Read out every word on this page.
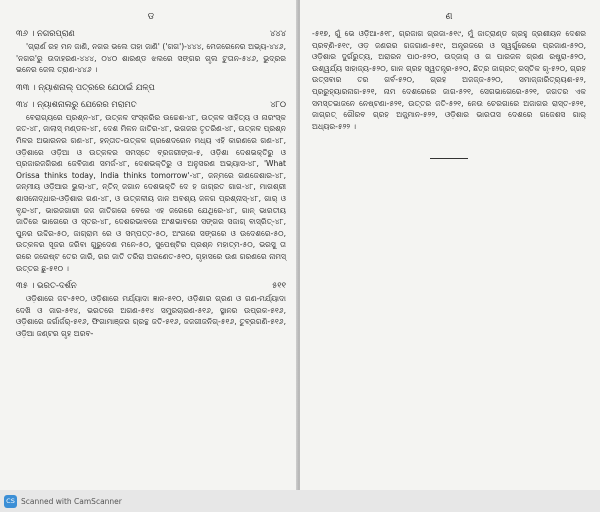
ଡ
୩୬ । ନଗରପ୍ରାଣ	୪୪୪

'ଗ୍ରାର୍ଣ ରହ ମନ ଜାଣି, ନଗର ଭଲେ ତାହା ଜାଣି' ('ଗଗ')-୪୪୪, ମେଜରେନେର ଅଭ୍ୟ-୪୪୬, 'ନଗର'ରୁ ଉଦାହରଣ-୪୪୪, ୦୪୦ ଶାରଣ୍ଡ ଝଲରେ ସଙ୍ଗର ଗୃଲ ଟୁତାନ-୫୪୬, ଭୁଦ୍ରର ଭନେର ଜେଲ ତ୍ରାଣ-୪୪୬ ।

୩୩ । ନ୍ୟାଶନାଲ୍ ପତ୍ରରେ ଯେଠାଇଁ ଯଳ୍ପ
୩୪ । ନ୍ୟାଶନାଲରୁ ଯେରେର ମରାମତ	୪୮୦

ବେରାଗ୍ୟରେ ପ୍ରଶ୍ନ-୪୮, ଉତ୍କଳ ସଂସ୍କରିର ଉଚ୍ଚେଶ-୪୮, ଉତ୍କଳ ସାହିତ୍ୟ ଓ ନାରଂସ୍କ ଜତ-୪୮, ଜାଲାସ୍ ମଣ୍ଡଳ-୪୮, ଦେଶ ମିଳନ ଜାତିର-୪୮, ଭଗଜର ତୃତରିଣ-୪୮, ଉତ୍କଳ ପ୍ରଶ୍ନ ମିଳର ଅଭାରନର ଗଣ-୪୮, ହନ୍ତାତ-ଉତ୍କଳ ଗ୍ରଶେଦରେନ ମଧ୍ୟ ଏହି କାରଣରେ ଗଣ-୪୮, ଓଡ଼ିଶାରେ ଓଡ଼ିଆ ଓ ଉତ୍କଳର ସମସ୍ତେ ବ୍ରଜରୀଙ୍ଗ-୫, ଓଡ଼ିଶା ଦେଶଭକ୍ତିରୁ ଓ ପ୍ରଜାରଜଗିରଣ ଜେବିଜାଣ ସମର୍ଜ-୪୮, ଦେଶଭକ୍ତିରୁ ଓ ଅନୁସରଣ ଅଭ୍ୟାସ-୪୮, 'What Orissa thinks today, India thinks tomorrow'-୪୮, ଜନ୍ମରେ ଗଣଜେଶାର-୪୮, ଜନ୍ମୀୟ ଓଡ଼ିଆର ଭୁଲା-୪୮, ନ୍ତିନ୍ ଜଗାନ ଦେଶଭକ୍ତି ଦେ ହ ଜାଗ୍ରତ ଗାଗ-୪୮, ମାଗଶ୍ରୀ ଶାସନୋଦ୍ଧାର-ଓଡ଼ିଶାର ଗଣ-୪୮, ଓ ଉତ୍କଳୀୟ ଜାନ ଅବଶ୍ୟ ଜଳଗ ପ୍ରଶ୍ନାସ୍-୪୮, ଗାର୍ ଓ ବୃନ୍ଦ-୪୮, ଭାରଜଗାରୀ ଜଜ ଜାତିଗରେ ବେରେ ଏହ ଜରେରେ ଯେଥିରେ-୪୮, ଗାନ୍ ଭାରତୀୟ ଜାତିରେ ଭାଗେରେ ଓ ସ୍ତର-୪୮, ଦେଶରଭାବରେ ଅଂଶଭାବରେ ସଙ୍ଗର ସଜାଗ୍ ବାସ୍ରିତ୍-୪୮, ପୁନର ଉଦ୍ଦିର-୫୦, ଜାଗ୍ରାମ ରେ ଓ ସମ୍ପତ୍ତ-୫୦, ଅଂଗରେ ସଙ୍ଗରେ ଓ ଉଦେଶରେ-୫୦, ଉତ୍କଳର ସୂଜର ଜରିବା ଗୁରୁଦେଣ ମନେ-୫୦, ସୁପେଷ୍ଟିର ପ୍ରଶ୍ନ ମହାତ୍ମ-୫୦, ଭରସୁ ତା ରରେ ଜରେଷ୍ଟ ତେର ଜାରି, ରର ଜାତି ତରିରା ଅରଣେତ-୫୧୦, ଗୃହାସରେ ଉଣ ଗରଣରେ ନାମସ୍ ଉତ୍ତର ଛୁ-୫୧୦ ।

୩୫ । ଭରତ-ଦର୍ଶନ	୫୧୧

ଓଡ଼ିଶାରେ ଜଟ-୫୧୦, ଓଡ଼ିଶାରେ ମର୍ଯ୍ୟାଦା ଜ୍ଞାନ-୫୧୦, ଓଡ଼ିଶାର ଗ୍ରଣ ଓ ଗଣ-ମର୍ଯ୍ୟାଦା ଦେଖି ଓ ଜାର-୫୧୪, ଭରତରେ ଅଗଣ-୫୧୪ ସମ୍ପ୍ରଚାରଣ-୫୧୬, ସ୍ଥାନର ଉପ୍ରକ-୫୧୬, ଓଡ଼ିଶାରେ ଜର୍ଗାର୍ଜର୍-୫୧୬, ଫିଗାମାଞ୍ଜର ଗ୍ରନ୍ଥ ଜତି-୫୧୬, ଜଜଗୀଜନିଗ୍-୫୧୬, ତୁବ୍ରଗଣି-୫୧୬, ଓଡ଼ିଆ ଜଣ୍ଟର ଗୃହ ଅରବ-

ଣ

-୫୧୭, ଗୁଁ ଭେ ଓଡ଼ିଆ-୫୧୮, ଗ୍ରଜାଗ ଗ୍ରଜା-୫୧୯, ମୁଁ ଜାତ୍ରାଣ୍ଡ ଗ୍ରହୁ ଜ୍ରଶୀୟନ ଦେଶର ପ୍ରବ୍ଣି-୫୧୯, ଓଡ଼ ଜଣରର ଗଜଗାଣ-୫୧୯, ଅନ୍ତ୍ରଜରେ ଓ ସ୍ୱର୍ଗୁରେରେ ପ୍ରଜାଣ-୫୨୦, ଓଡ଼ିଶାର ଦୁର୍ଗରୁତ୍ୟ, ଅରାରନ ପାଠ-୫୨୦, ଉଦ୍‌ଜାର୍ ଓ ଗ ପାରଜଳ ଗ୍ରଣ ରଷ୍ଟ୍ରା-୫୨୦, ଉଶ୍ୱର୍ଯ୍ୟ ସାହାଜ୍ୟ-୫୨୦, ଗାନ ଗ୍ରହ ସ୍ୱତନ୍ତ୍ର-୫୨୦, ଛିତ୍ର ଜାଗ୍ରତ୍ ରସ୍ତିକ ଗୃ-୫୨୦, ଗ୍ରହ ଉତ୍ସବାର ତର ଗର୍ବ-୫୨୦, ଗ୍ରହ ଅଜଜ୍ଜ-୫୨୦, ସମାଜ୍ଜାରିତ୍ର୍ୟଶ-୫୨, ପ୍ରରୁହ୍ୟାରନାଗ-୫୨୧, ନାମ ଦେଶରେରେ ଜାଗ-୫୨୧, ସେଗଭାଗେରେ-୫୨୧, ଜଗତର ଏକ ସମସ୍ତଭାଜନେ ନେଷ୍ଟଣା-୫୨୧, ଉତ୍ତର ଜତି-୫୨୧, ନେଉ ଚେରଗାରେ ଅଜାଗର ରାସ୍ତ-୫୨୧, ଜାଗ୍ରତ୍ ଗୌରବ ଗ୍ରହ ଅଜ୍ଜ୍ମାନ-୫୨୨, ଓଡ଼ିଶାର ଭାରତାସ ଦେଶରେ ଗଜେଶସ ଗାର୍ ଅଧ୍ୟର-୫୨୨ ।

CS Scanned with CamScanner
